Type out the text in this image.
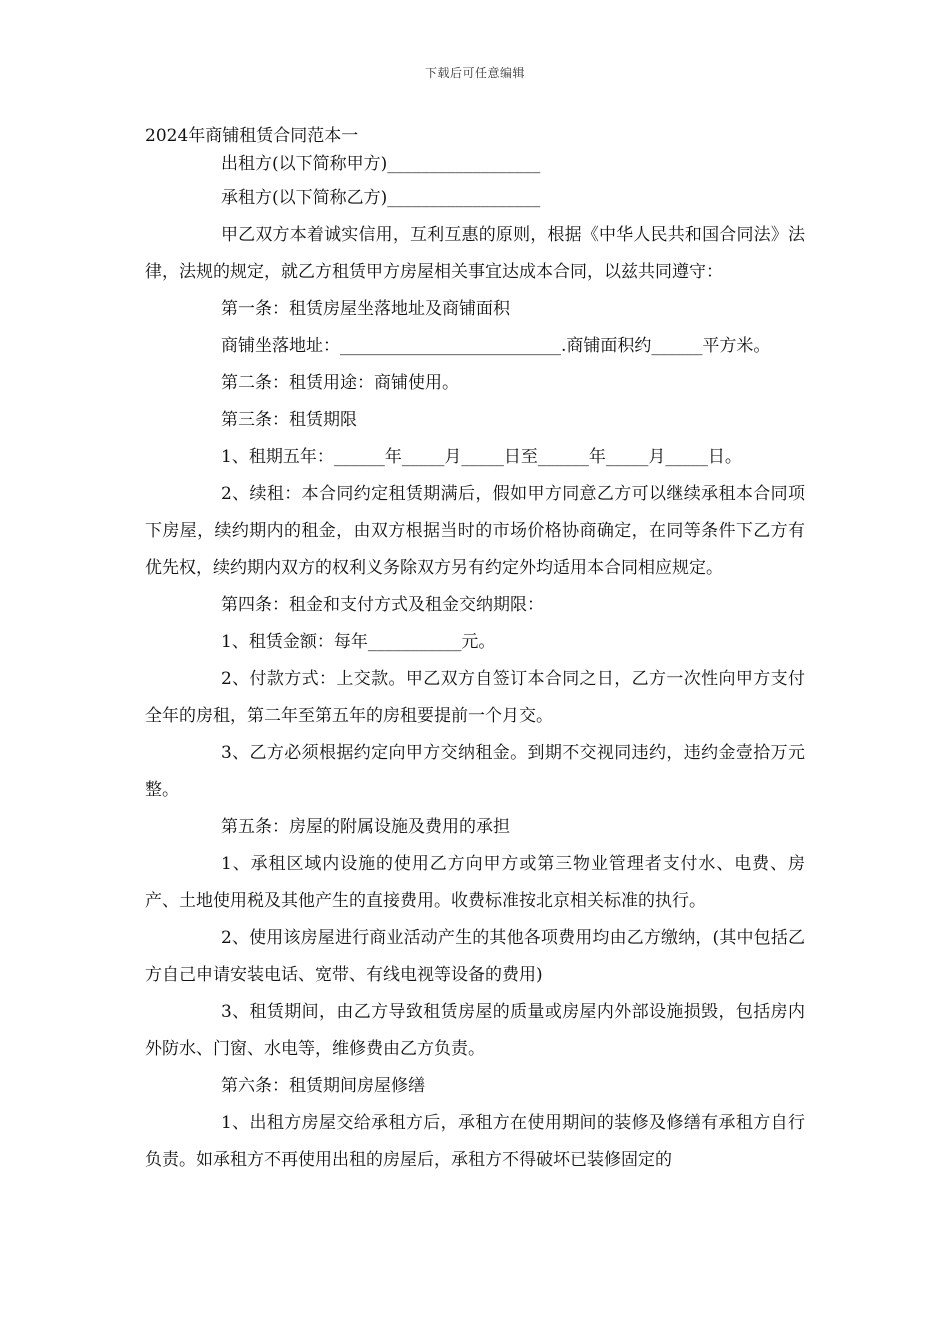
下载后可任意编辑
2024年商铺租赁合同范本一

出租方(以下简称甲方)__________________

承租方(以下简称乙方)__________________

甲乙双方本着诚实信用，互利互惠的原则，根据《中华人民共和国合同法》法律，法规的规定，就乙方租赁甲方房屋相关事宜达成本合同，以兹共同遵守：

第一条：租赁房屋坐落地址及商铺面积

商铺坐落地址：__________________________.商铺面积约______平方米。

第二条：租赁用途：商铺使用。

第三条：租赁期限

1、租期五年：______年_____月_____日至______年_____月_____日。

2、续租：本合同约定租赁期满后，假如甲方同意乙方可以继续承租本合同项下房屋，续约期内的租金，由双方根据当时的市场价格协商确定，在同等条件下乙方有优先权，续约期内双方的权利义务除双方另有约定外均适用本合同相应规定。

第四条：租金和支付方式及租金交纳期限：

1、租赁金额：每年___________元。

2、付款方式：上交款。甲乙双方自签订本合同之日，乙方一次性向甲方支付全年的房租，第二年至第五年的房租要提前一个月交。

3、乙方必须根据约定向甲方交纳租金。到期不交视同违约，违约金壹拾万元整。

第五条：房屋的附属设施及费用的承担

1、承租区域内设施的使用乙方向甲方或第三物业管理者支付水、电费、房产、土地使用税及其他产生的直接费用。收费标准按北京相关标准的执行。

2、使用该房屋进行商业活动产生的其他各项费用均由乙方缴纳，(其中包括乙方自己申请安装电话、宽带、有线电视等设备的费用)

3、租赁期间，由乙方导致租赁房屋的质量或房屋内外部设施损毁，包括房内外防水、门窗、水电等，维修费由乙方负责。

第六条：租赁期间房屋修缮

1、出租方房屋交给承租方后，承租方在使用期间的装修及修缮有承租方自行负责。如承租方不再使用出租的房屋后，承租方不得破坏已装修固定的
